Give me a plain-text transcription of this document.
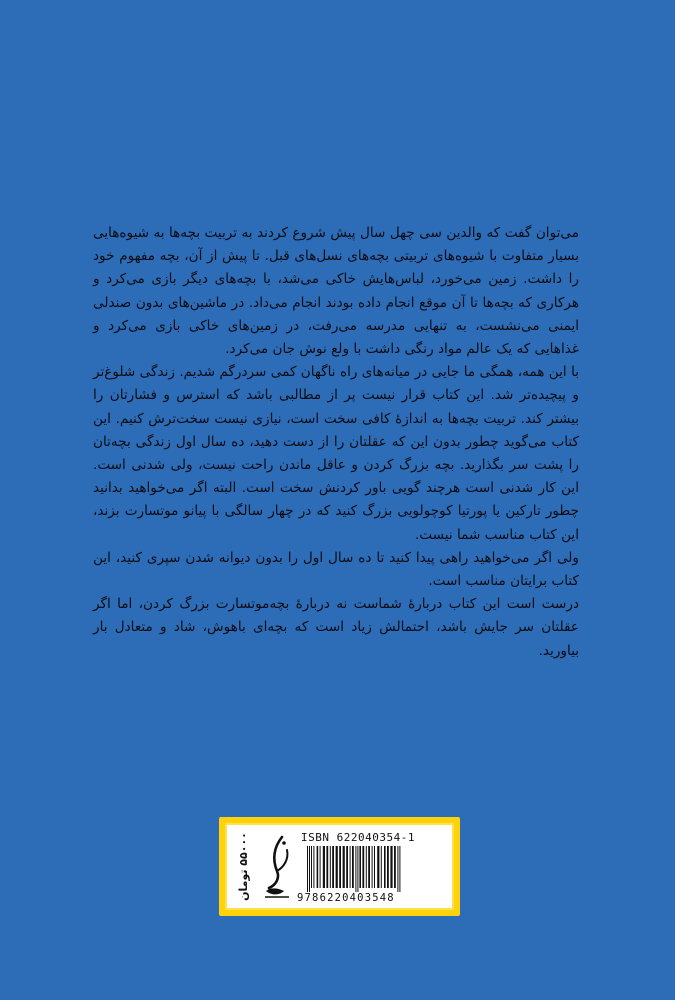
می‌توان گفت که والدین سی چهل سال پیش شروع کردند به تربیت بچه‌ها به شیوه‌هایی بسیار متفاوت با شیوه‌های تربیتی بچه‌های نسل‌های قبل. تا پیش از آن، بچه مفهوم خود را داشت. زمین می‌خورد، لباس‌هایش خاکی می‌شد، با بچه‌های دیگر بازی می‌کرد و هرکاری که بچه‌ها تا آن موقع انجام داده بودند انجام می‌داد. در ماشین‌های بدون صندلی ایمنی می‌نشست، به تنهایی مدرسه می‌رفت، در زمین‌های خاکی بازی می‌کرد و غذاهایی که یک عالم مواد رنگی داشت با ولع نوش جان می‌کرد.

با این همه، همگی ما جایی در میانه‌های راه ناگهان کمی سردرگم شدیم. زندگی شلوغ‌تر و پیچیده‌تر شد. این کتاب قرار نیست پر از مطالبی باشد که استرس و فشارتان را بیشتر کند. تربیت بچه‌ها به اندازهٔ کافی سخت است، نیازی نیست سخت‌ترش کنیم. این کتاب می‌گوید چطور بدون این که عقلتان را از دست دهید، ده سال اول زندگی بچه‌تان را پشت سر بگذارید. بچه بزرگ کردن و عاقل ماندن راحت نیست، ولی شدنی است. این کار شدنی است هرچند گویی باور کردنش سخت است. البته اگر می‌خواهید بدانید چطور تارکین یا پورتیا کوچولویی بزرگ کنید که در چهار سالگی با پیانو موتسارت بزند، این کتاب مناسب شما نیست.

ولی اگر می‌خواهید راهی پیدا کنید تا ده سال اول را بدون دیوانه شدن سپری کنید، این کتاب برایتان مناسب است.

درست است این کتاب دربارهٔ شماست نه دربارهٔ بچه‌موتسارت بزرگ کردن، اما اگر عقلتان سر جایش باشد، احتمالش زیاد است که بچه‌ای باهوش، شاد و متعادل بار بیاورید.

۵۵۰۰۰ تومان	ISBN 622040354-1
9786220403548
